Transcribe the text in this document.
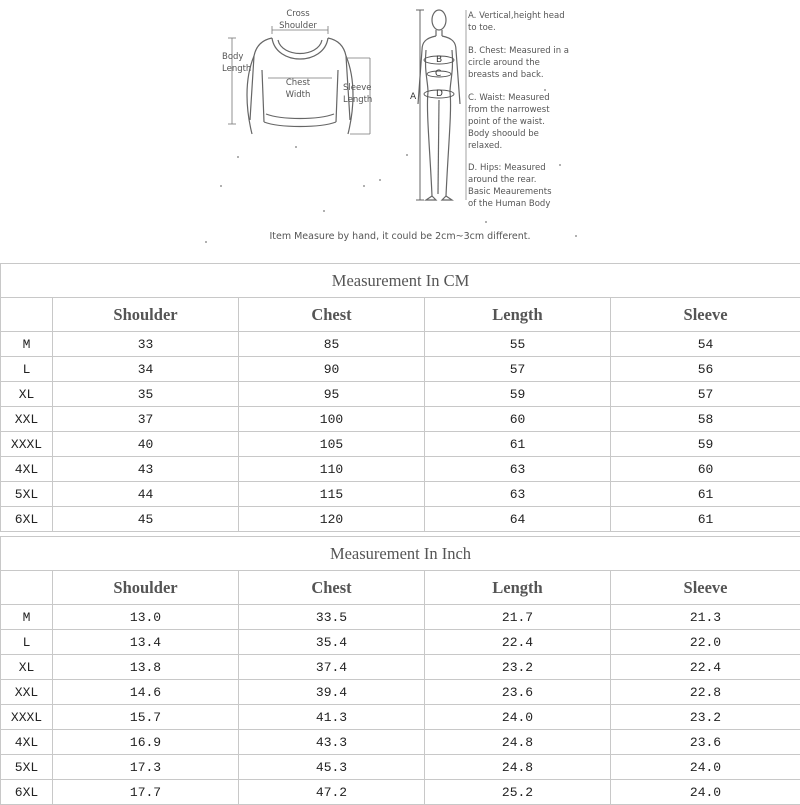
Cross
Shoulder
Body
Length
Chest
Width
Sleeve
Length	A
B
C
D
A. Vertical,height head
to toe.
B. Chest: Measured in a
circle around the
breasts and back.
C. Waist: Measured
from the narrowest
point of the waist.
Body shoould be
relaxed.
D. Hips: Measured
around the rear.
Basic Meaurements
of the Human Body
Item Measure by hand, it could be 2cm~3cm different.
Measurement In CM				
	Shoulder	Chest	Length	Sleeve
M	33	85	55	54
L	34	90	57	56
XL	35	95	59	57
XXL	37	100	60	58
XXXL	40	105	61	59
4XL	43	110	63	60
5XL	44	115	63	61
6XL	45	120	64	61
Measurement In Inch				
	Shoulder	Chest	Length	Sleeve
M	13.0	33.5	21.7	21.3
L	13.4	35.4	22.4	22.0
XL	13.8	37.4	23.2	22.4
XXL	14.6	39.4	23.6	22.8
XXXL	15.7	41.3	24.0	23.2
4XL	16.9	43.3	24.8	23.6
5XL	17.3	45.3	24.8	24.0
6XL	17.7	47.2	25.2	24.0
